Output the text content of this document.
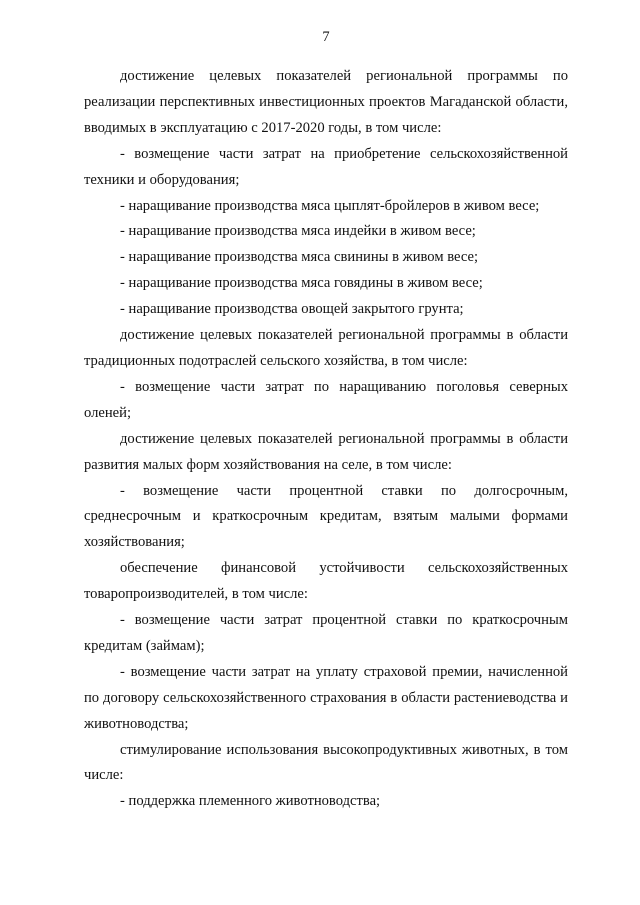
7

достижение целевых показателей региональной программы по реализации перспективных инвестиционных проектов Магаданской области, вводимых в эксплуатацию с 2017-2020 годы, в том числе:

- возмещение части затрат на приобретение сельскохозяйственной техники и оборудования;

- наращивание производства мяса цыплят-бройлеров в живом весе;

- наращивание производства мяса индейки в живом весе;

- наращивание производства мяса свинины в живом весе;

- наращивание производства мяса говядины в живом весе;

- наращивание производства овощей закрытого грунта;

достижение целевых показателей региональной программы в области традиционных подотраслей сельского хозяйства, в том числе:

- возмещение части затрат по наращиванию поголовья северных оленей;

достижение целевых показателей региональной программы в области развития малых форм хозяйствования на селе, в том числе:

- возмещение части процентной ставки по долгосрочным, среднесрочным и краткосрочным кредитам, взятым малыми формами хозяйствования;

обеспечение финансовой устойчивости сельскохозяйственных товаропроизводителей, в том числе:

- возмещение части затрат процентной ставки по краткосрочным кредитам (займам);

- возмещение части затрат на уплату страховой премии, начисленной по договору сельскохозяйственного страхования в области растениеводства и животноводства;

стимулирование использования высокопродуктивных животных, в том числе:

- поддержка племенного животноводства;
